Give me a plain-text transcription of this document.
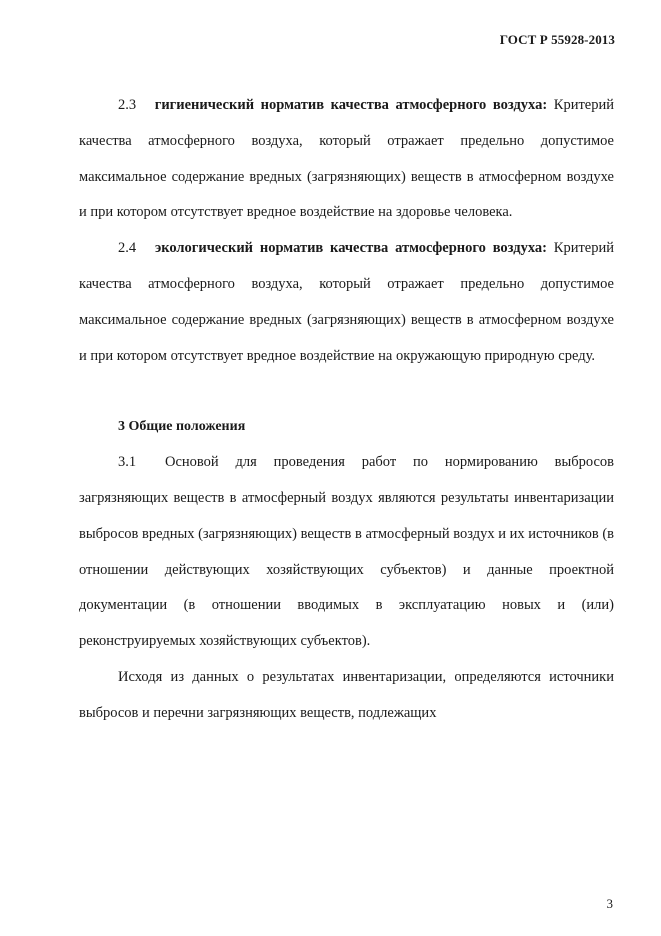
ГОСТ Р 55928-2013

2.3 гигиенический норматив качества атмосферного воздуха: Критерий качества атмосферного воздуха, который отражает предельно допустимое максимальное содержание вредных (загрязняющих) веществ в атмосферном воздухе и при котором отсутствует вредное воздействие на здоровье человека.

2.4 экологический норматив качества атмосферного воздуха: Критерий качества атмосферного воздуха, который отражает предельно допустимое максимальное содержание вредных (загрязняющих) веществ в атмосферном воздухе и при котором отсутствует вредное воздействие на окружающую природную среду.

3 Общие положения

3.1 Основой для проведения работ по нормированию выбросов загрязняющих веществ в атмосферный воздух являются результаты инвентаризации выбросов вредных (загрязняющих) веществ в атмосферный воздух и их источников (в отношении действующих хозяйствующих субъектов) и данные проектной документации (в отношении вводимых в эксплуатацию новых и (или) реконструируемых хозяйствующих субъектов).

Исходя из данных о результатах инвентаризации, определяются источники выбросов и перечни загрязняющих веществ, подлежащих

3
